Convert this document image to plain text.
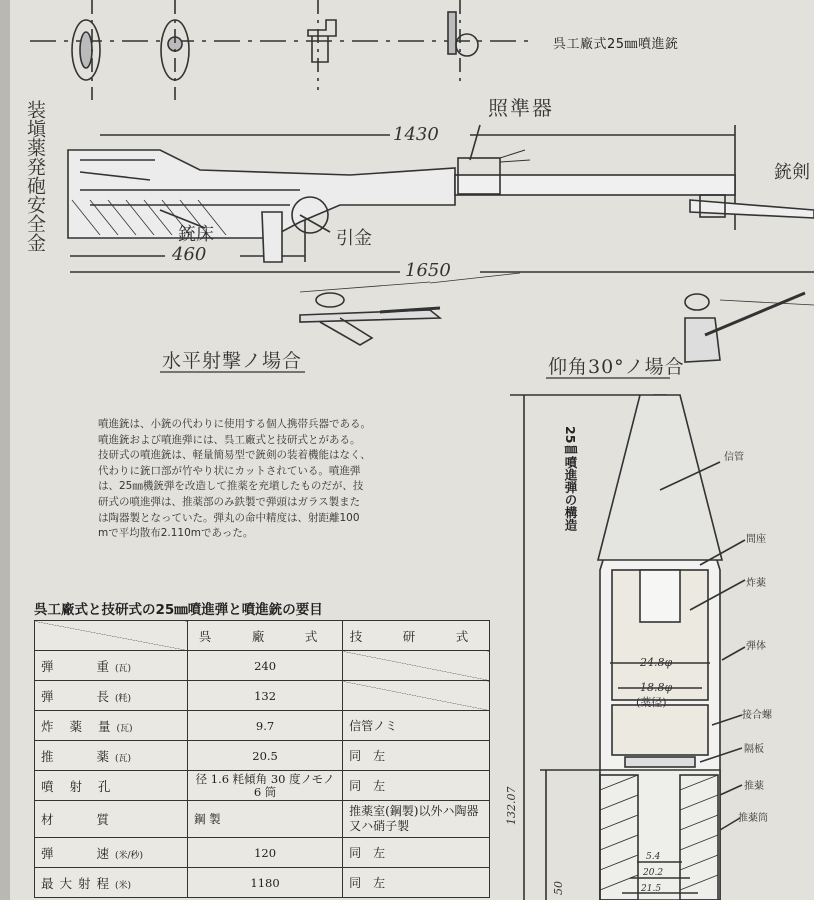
呉工廠式25㎜噴進銃
装塡薬発砲安全金	照準器
1430
銃床	引金
460
1650
銃剣
水平射撃ノ場合	仰角30°ノ場合
噴進銃は、小銃の代わりに使用する個人携帯兵器である。
噴進銃および噴進弾には、呉工廠式と技研式とがある。
技研式の噴進銃は、軽量簡易型で銃剣の装着機能はなく、
代わりに銃口部が竹やり状にカットされている。噴進弾
は、25㎜機銃弾を改造して推薬を充塡したものだが、技
研式の噴進弾は、推薬部のみ鉄製で弾頭はガラス製また
は陶器製となっていた。弾丸の命中精度は、射距離100
mで平均散布2.110mであった。
呉工廠式と技研式の25㎜噴進弾と噴進銃の要目
	呉　廠　式	技　研　式
弾　　重(瓦)	240	
弾　　長(粍)	132	
炸 薬 量(瓦)	9.7	信管ノミ
推　　薬(瓦)	20.5	同　左
噴 射 孔	径 1.6 粍傾角 30 度ノモノ 6 筒	同　左
材　　質	鋼 製	推薬室(鋼製)以外ハ陶器又ハ硝子製
弾　　速(米/秒)	120	同　左
最大射程(米)	1180	同　左
25㎜噴進弾の構造	信管
間座
炸薬
弾体
接合螺
隔板
推薬
推薬筒
24.8φ
18.8φ
(薬径)
132.07
50
5.4
20.2
21.5
